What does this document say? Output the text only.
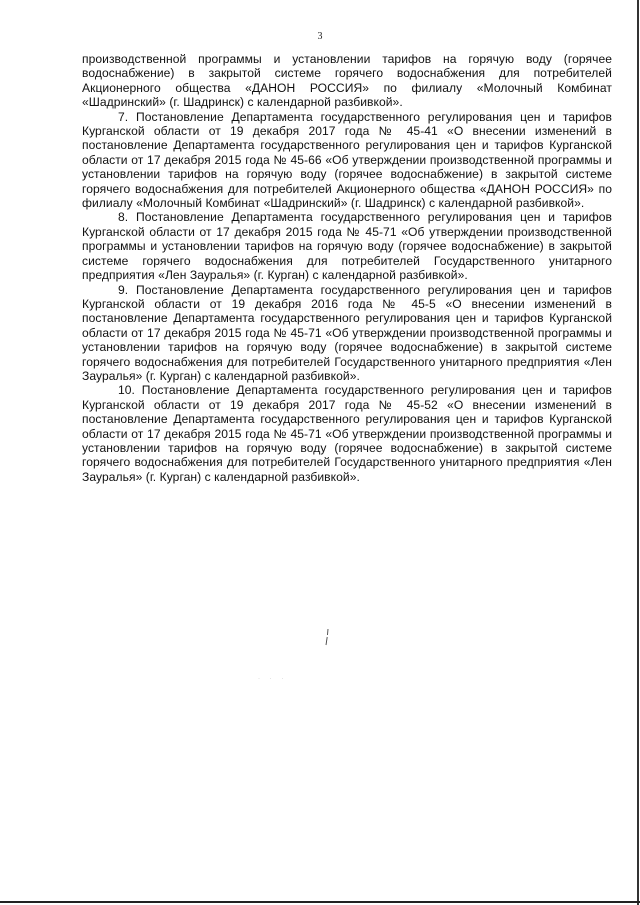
3

производственной программы и установлении тарифов на горячую воду (горячее водоснабжение) в закрытой системе горячего водоснабжения для потребителей Акционерного общества «ДАНОН РОССИЯ» по филиалу «Молочный Комбинат «Шадринский» (г. Шадринск) с календарной разбивкой».

7. Постановление Департамента государственного регулирования цен и тарифов Курганской области от 19 декабря 2017 года № 45-41 «О внесении изменений в постановление Департамента государственного регулирования цен и тарифов Курганской области от 17 декабря 2015 года № 45-66 «Об утверждении производственной программы и установлении тарифов на горячую воду (горячее водоснабжение) в закрытой системе горячего водоснабжения для потребителей Акционерного общества «ДАНОН РОССИЯ» по филиалу «Молочный Комбинат «Шадринский» (г. Шадринск) с календарной разбивкой».

8. Постановление Департамента государственного регулирования цен и тарифов Курганской области от 17 декабря 2015 года № 45-71 «Об утверждении производственной программы и установлении тарифов на горячую воду (горячее водоснабжение) в закрытой системе горячего водоснабжения для потребителей Государственного унитарного предприятия «Лен Зауралья» (г. Курган) с календарной разбивкой».

9. Постановление Департамента государственного регулирования цен и тарифов Курганской области от 19 декабря 2016 года № 45-5 «О внесении изменений в постановление Департамента государственного регулирования цен и тарифов Курганской области от 17 декабря 2015 года № 45-71 «Об утверждении производственной программы и установлении тарифов на горячую воду (горячее водоснабжение) в закрытой системе горячего водоснабжения для потребителей Государственного унитарного предприятия «Лен Зауралья» (г. Курган) с календарной разбивкой».

10. Постановление Департамента государственного регулирования цен и тарифов Курганской области от 19 декабря 2017 года № 45-52 «О внесении изменений в постановление Департамента государственного регулирования цен и тарифов Курганской области от 17 декабря 2015 года № 45-71 «Об утверждении производственной программы и установлении тарифов на горячую воду (горячее водоснабжение) в закрытой системе горячего водоснабжения для потребителей Государственного унитарного предприятия «Лен Зауралья» (г. Курган) с календарной разбивкой».

· · ·
